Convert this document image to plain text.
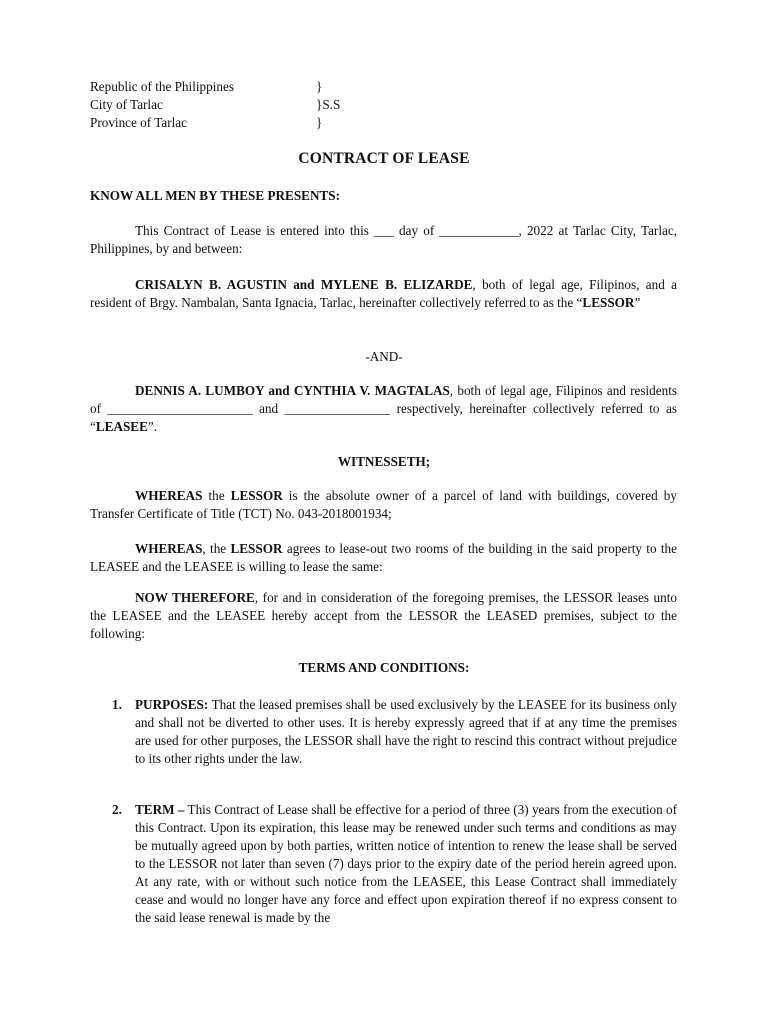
Republic of the Philippines	}
City of Tarlac	}S.S
Province of Tarlac	}
CONTRACT OF LEASE
KNOW ALL MEN BY THESE PRESENTS:
This Contract of Lease is entered into this ___ day of ____________, 2022 at Tarlac City, Tarlac, Philippines, by and between:
CRISALYN B. AGUSTIN and MYLENE B. ELIZARDE, both of legal age, Filipinos, and a resident of Brgy. Nambalan, Santa Ignacia, Tarlac, hereinafter collectively referred to as the “LESSOR”
-AND-
DENNIS A. LUMBOY and CYNTHIA V. MAGTALAS, both of legal age, Filipinos and residents of ______________________ and ________________ respectively, hereinafter collectively referred to as “LEASEE”.
WITNESSETH;
WHEREAS the LESSOR is the absolute owner of a parcel of land with buildings, covered by Transfer Certificate of Title (TCT) No. 043-2018001934;
WHEREAS, the LESSOR agrees to lease-out two rooms of the building in the said property to the LEASEE and the LEASEE is willing to lease the same:
NOW THEREFORE, for and in consideration of the foregoing premises, the LESSOR leases unto the LEASEE and the LEASEE hereby accept from the LESSOR the LEASED premises, subject to the following:
TERMS AND CONDITIONS:
1. PURPOSES: That the leased premises shall be used exclusively by the LEASEE for its business only and shall not be diverted to other uses. It is hereby expressly agreed that if at any time the premises are used for other purposes, the LESSOR shall have the right to rescind this contract without prejudice to its other rights under the law.
2. TERM – This Contract of Lease shall be effective for a period of three (3) years from the execution of this Contract. Upon its expiration, this lease may be renewed under such terms and conditions as may be mutually agreed upon by both parties, written notice of intention to renew the lease shall be served to the LESSOR not later than seven (7) days prior to the expiry date of the period herein agreed upon. At any rate, with or without such notice from the LEASEE, this Lease Contract shall immediately cease and would no longer have any force and effect upon expiration thereof if no express consent to the said lease renewal is made by the
